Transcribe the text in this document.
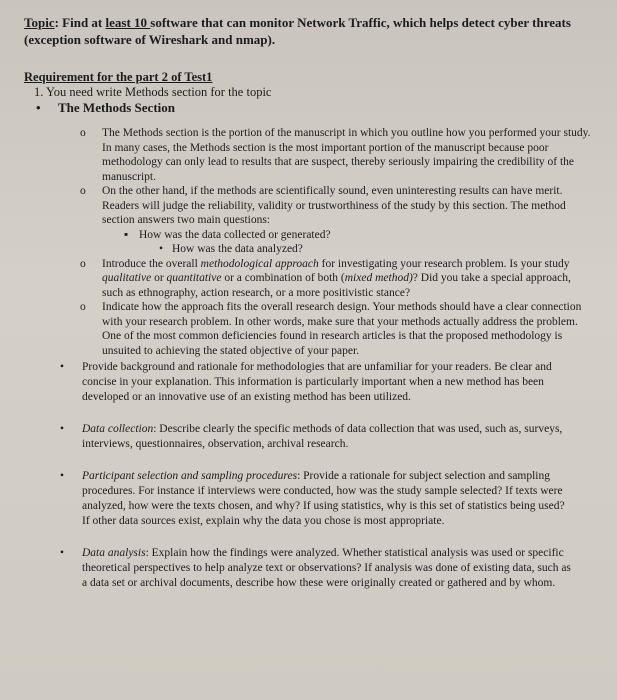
Topic: Find at least 10 software that can monitor Network Traffic, which helps detect cyber threats (exception software of Wireshark and nmap).

Requirement for the part 2 of Test1

1. You need write Methods section for the topic

• The Methods Section

o The Methods section is the portion of the manuscript in which you outline how you performed your study. In many cases, the Methods section is the most important portion of the manuscript because poor methodology can only lead to results that are suspect, thereby seriously impairing the credibility of the manuscript.

o On the other hand, if the methods are scientifically sound, even uninteresting results can have merit. Readers will judge the reliability, validity or trustworthiness of the study by this section. The method section answers two main questions:

▪ How was the data collected or generated?

• How was the data analyzed?

o Introduce the overall methodological approach for investigating your research problem. Is your study qualitative or quantitative or a combination of both (mixed method)? Did you take a special approach, such as ethnography, action research, or a more positivistic stance?

o Indicate how the approach fits the overall research design. Your methods should have a clear connection with your research problem. In other words, make sure that your methods actually address the problem. One of the most common deficiencies found in research articles is that the proposed methodology is unsuited to achieving the stated objective of your paper.

• Provide background and rationale for methodologies that are unfamiliar for your readers. Be clear and concise in your explanation. This information is particularly important when a new method has been developed or an innovative use of an existing method has been utilized.

• Data collection: Describe clearly the specific methods of data collection that was used, such as, surveys, interviews, questionnaires, observation, archival research.

• Participant selection and sampling procedures: Provide a rationale for subject selection and sampling procedures. For instance if interviews were conducted, how was the study sample selected? If texts were analyzed, how were the texts chosen, and why? If using statistics, why is this set of statistics being used? If other data sources exist, explain why the data you chose is most appropriate.

• Data analysis: Explain how the findings were analyzed. Whether statistical analysis was used or specific theoretical perspectives to help analyze text or observations? If analysis was done of existing data, such as a data set or archival documents, describe how these were originally created or gathered and by whom.
